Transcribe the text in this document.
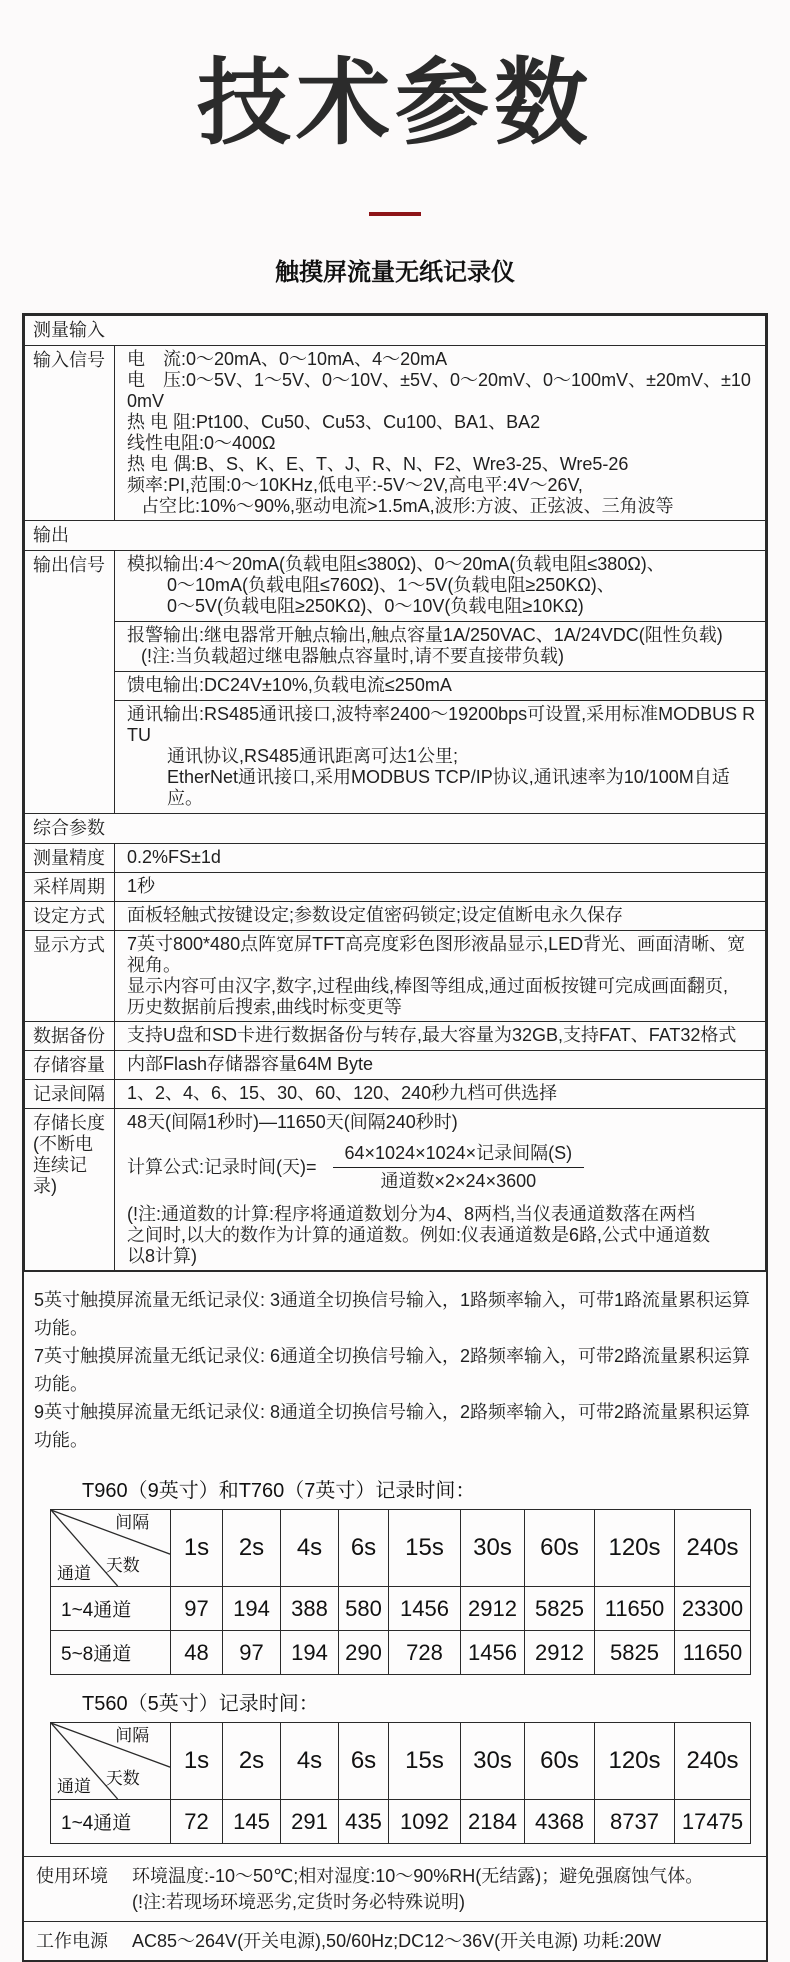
技术参数
触摸屏流量无纸记录仪
测量输入	
输入信号	电　流:0～20mA、0～10mA、4～20mA
电　压:0～5V、1～5V、0～10V、±5V、0～20mV、0～100mV、±20mV、±100mV
热 电 阻:Pt100、Cu50、Cu53、Cu100、BA1、BA2
线性电阻:0～400Ω
热 电 偶:B、S、K、E、T、J、R、N、F2、Wre3-25、Wre5-26
频率:PI,范围:0～10KHz,低电平:-5V～2V,高电平:4V～26V,
占空比:10%～90%,驱动电流>1.5mA,波形:方波、正弦波、三角波等

输出	
输出信号	模拟输出:4～20mA(负载电阻≤380Ω)、0～20mA(负载电阻≤380Ω)、
0～10mA(负载电阻≤760Ω)、1～5V(负载电阻≥250KΩ)、
0～5V(负载电阻≥250KΩ)、0～10V(负载电阻≥10KΩ)
报警输出:继电器常开触点输出,触点容量1A/250VAC、1A/24VDC(阻性负载)
(!注:当负载超过继电器触点容量时,请不要直接带负载)
馈电输出:DC24V±10%,负载电流≤250mA
通讯输出:RS485通讯接口,波特率2400～19200bps可设置,采用标准MODBUS RTU
通讯协议,RS485通讯距离可达1公里;
EtherNet通讯接口,采用MODBUS TCP/IP协议,通讯速率为10/100M自适应。

综合参数	
测量精度	0.2%FS±1d
采样周期	1秒
设定方式	面板轻触式按键设定;参数设定值密码锁定;设定值断电永久保存
显示方式	7英寸800*480点阵宽屏TFT高亮度彩色图形液晶显示,LED背光、画面清晰、宽视角。
显示内容可由汉字,数字,过程曲线,棒图等组成,通过面板按键可完成画面翻页,
历史数据前后搜索,曲线时标变更等

数据备份	支持U盘和SD卡进行数据备份与转存,最大容量为32GB,支持FAT、FAT32格式
存储容量	内部Flash存储器容量64M Byte
记录间隔	1、2、4、6、15、30、60、120、240秒九档可供选择

存储长度
(不断电
连续记录)

48天(间隔1秒时)—11650天(间隔240秒时)
计算公式:记录时间(天)= $\frac{\text{64×1024×1024×记录间隔(S)}}{\text{通道数×2×24×3600}}$
(!注:通道数的计算:程序将通道数划分为4、8两档,当仪表通道数落在两档
之间时,以大的数作为计算的通道数。例如:仪表通道数是6路,公式中通道数
以8计算)
5英寸触摸屏流量无纸记录仪: 3通道全切换信号输入，1路频率输入，可带1路流量累积运算功能。
7英寸触摸屏流量无纸记录仪: 6通道全切换信号输入，2路频率输入，可带2路流量累积运算功能。
9英寸触摸屏流量无纸记录仪: 8通道全切换信号输入，2路频率输入，可带2路流量累积运算功能。
T960（9英寸）和T760（7英寸）记录时间：
间隔
天数
通道	1s	2s	4s	6s	15s	30s	60s	120s	240s
1~4通道	97	194	388	580	1456	2912	5825	11650	23300
5~8通道	48	97	194	290	728	1456	2912	5825	11650
T560（5英寸）记录时间：
间隔
天数
通道	1s	2s	4s	6s	15s	30s	60s	120s	240s
1~4通道	72	145	291	435	1092	2184	4368	8737	17475
使用环境	环境温度:-10～50℃;相对湿度:10～90%RH(无结露)；避免强腐蚀气体。
(!注:若现场环境恶劣,定货时务必特殊说明)
工作电源	AC85～264V(开关电源),50/60Hz;DC12～36V(开关电源) 功耗:20W
